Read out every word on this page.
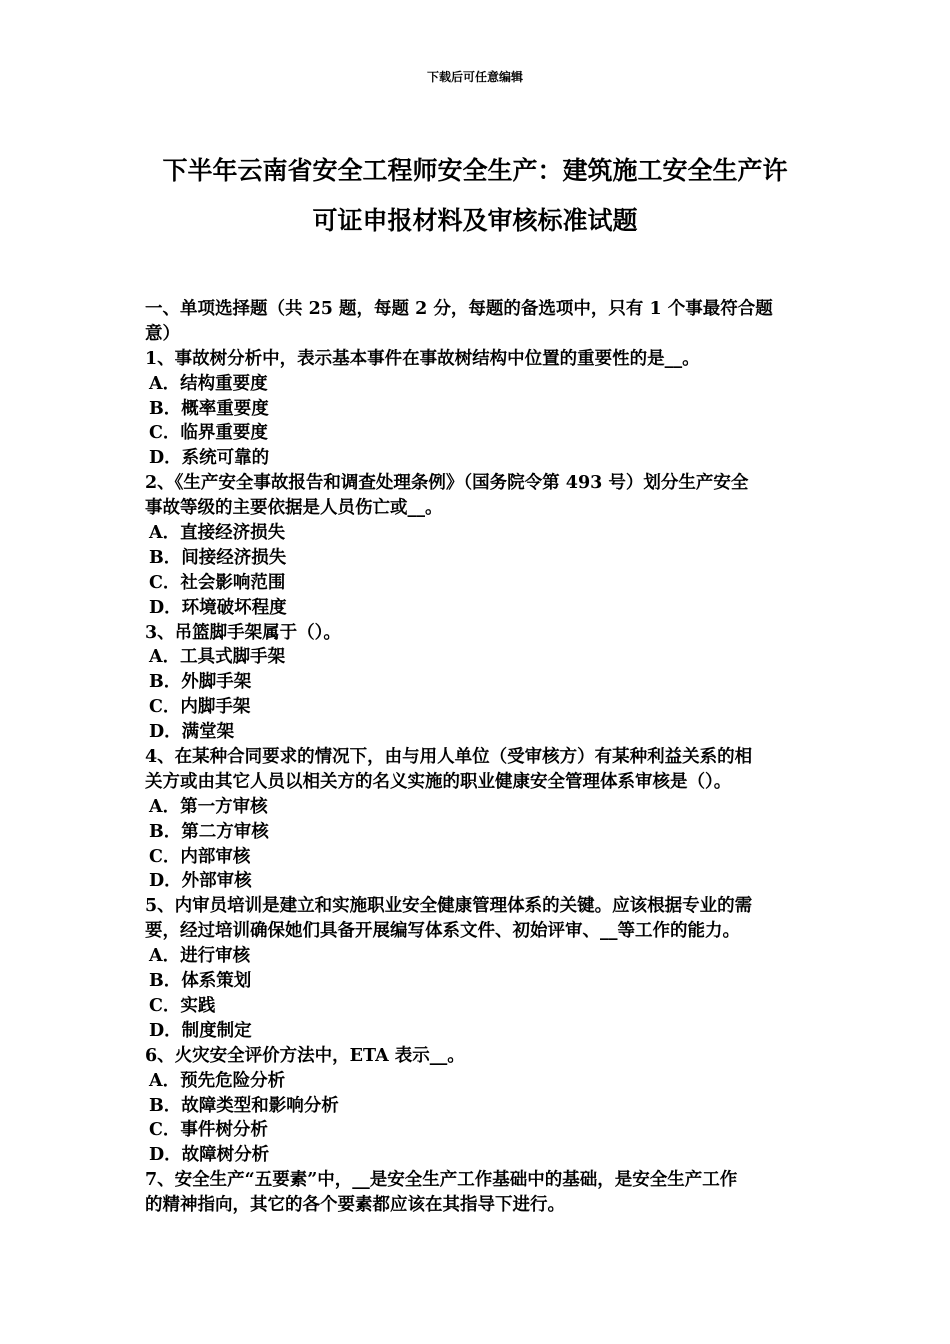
下载后可任意编辑
下半年云南省安全工程师安全生产：建筑施工安全生产许
可证申报材料及审核标准试题
一、单项选择题（共 25 题，每题 2 分，每题的备选项中，只有 1 个事最符合题
意）
1、事故树分析中，表示基本事件在事故树结构中位置的重要性的是__。
A．结构重要度
B．概率重要度
C．临界重要度
D．系统可靠的
2、《生产安全事故报告和调查处理条例》（国务院令第 493 号）划分生产安全
事故等级的主要依据是人员伤亡或__。
A．直接经济损失
B．间接经济损失
C．社会影响范围
D．环境破坏程度
3、吊篮脚手架属于（）。
A．工具式脚手架
B．外脚手架
C．内脚手架
D．满堂架
4、在某种合同要求的情况下，由与用人单位（受审核方）有某种利益关系的相
关方或由其它人员以相关方的名义实施的职业健康安全管理体系审核是（）。
A．第一方审核
B．第二方审核
C．内部审核
D．外部审核
5、内审员培训是建立和实施职业安全健康管理体系的关键。应该根据专业的需
要，经过培训确保她们具备开展编写体系文件、初始评审、__等工作的能力。
A．进行审核
B．体系策划
C．实践
D．制度制定
6、火灾安全评价方法中，ETA 表示__。
A．预先危险分析
B．故障类型和影响分析
C．事件树分析
D．故障树分析
7、安全生产“五要素”中，__是安全生产工作基础中的基础，是安全生产工作
的精神指向，其它的各个要素都应该在其指导下进行。
